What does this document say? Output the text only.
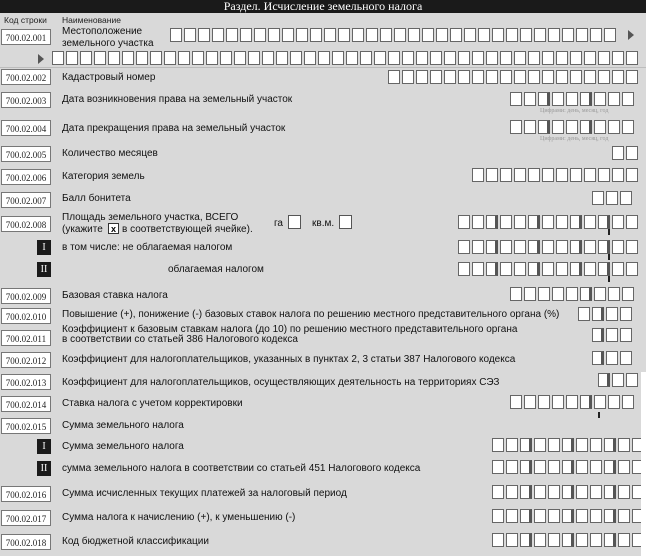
Раздел. Исчисление земельного налога
Код строки Наименование
700.02.001
Местоположение
земельного участка
700.02.002	Кадастровый номер
700.02.003	Дата возникновения права на земельный участок
Цифрами: день, месяц, год
700.02.004	Дата прекращения права на земельный участок
Цифрами: день, месяц, год
700.02.005	Количество месяцев
700.02.006	Категория земель
700.02.007	Балл бонитета
700.02.008
Площадь земельного участка, ВСЕГО
(укажите x в соответствующей ячейке).
га	кв.м.
I	в том числе: не облагаемая налогом
II	облагаемая налогом
700.02.009	Базовая ставка налога
700.02.010	Повышение (+), понижение (-) базовых ставок налога по решению местного представительного органа (%)
700.02.011
Коэффициент к базовым ставкам налога (до 10) по решению местного представительного органа
в соответствии со статьей 386 Налогового кодекса
700.02.012	Коэффициент для налогоплательщиков, указанных в пунктах 2, 3 статьи 387 Налогового кодекса
700.02.013	Коэффициент для налогоплательщиков, осуществляющих деятельность на территориях СЭЗ
700.02.014	Ставка налога с учетом корректировки
700.02.015	Сумма земельного налога
I	Сумма земельного налога
II	сумма земельного налога в соответствии со статьей 451 Налогового кодекса
700.02.016	Сумма исчисленных текущих платежей за налоговый период
700.02.017	Сумма налога к начислению (+), к уменьшению (-)
700.02.018	Код бюджетной классификации
